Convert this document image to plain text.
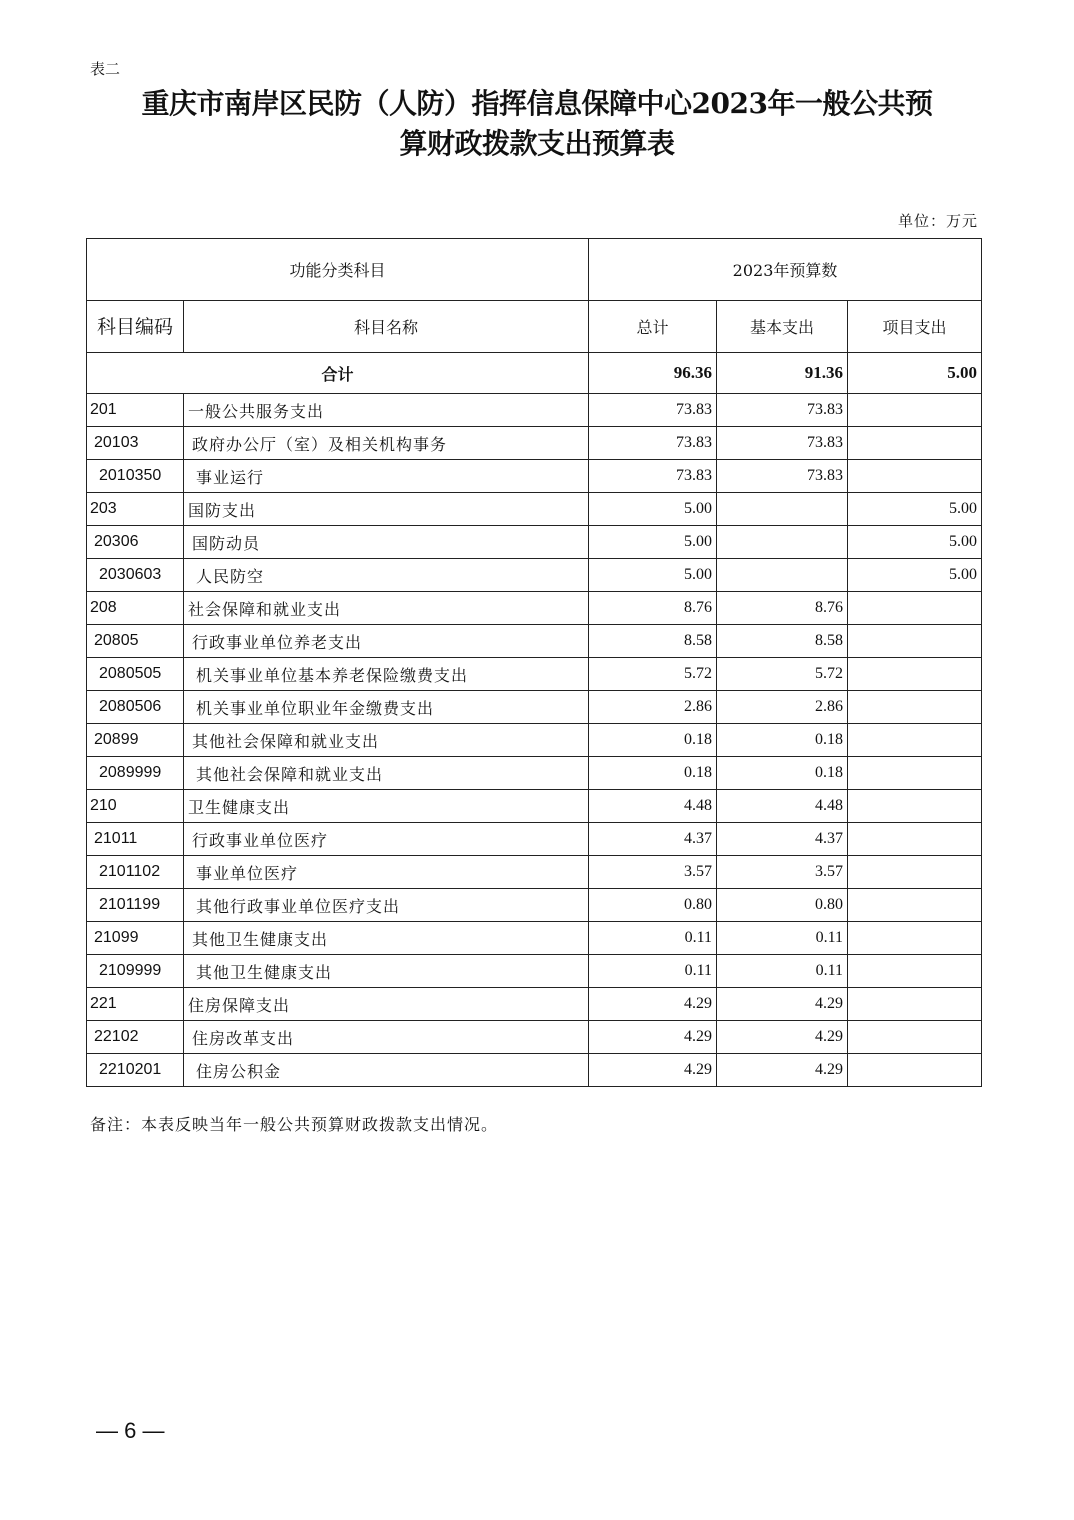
表二
重庆市南岸区民防（人防）指挥信息保障中心2023年一般公共预
算财政拨款支出预算表
单位：万元
功能分类科目		2023年预算数		
科目编码	科目名称	总计	基本支出	项目支出
合计		96.36	91.36	5.00
201	一般公共服务支出	73.83	73.83	
20103	政府办公厅（室）及相关机构事务	73.83	73.83	
2010350	事业运行	73.83	73.83	
203	国防支出	5.00		5.00
20306	国防动员	5.00		5.00
2030603	人民防空	5.00		5.00
208	社会保障和就业支出	8.76	8.76	
20805	行政事业单位养老支出	8.58	8.58	
2080505	机关事业单位基本养老保险缴费支出	5.72	5.72	
2080506	机关事业单位职业年金缴费支出	2.86	2.86	
20899	其他社会保障和就业支出	0.18	0.18	
2089999	其他社会保障和就业支出	0.18	0.18	
210	卫生健康支出	4.48	4.48	
21011	行政事业单位医疗	4.37	4.37	
2101102	事业单位医疗	3.57	3.57	
2101199	其他行政事业单位医疗支出	0.80	0.80	
21099	其他卫生健康支出	0.11	0.11	
2109999	其他卫生健康支出	0.11	0.11	
221	住房保障支出	4.29	4.29	
22102	住房改革支出	4.29	4.29	
2210201	住房公积金	4.29	4.29	
备注：本表反映当年一般公共预算财政拨款支出情况。
— 6 —
